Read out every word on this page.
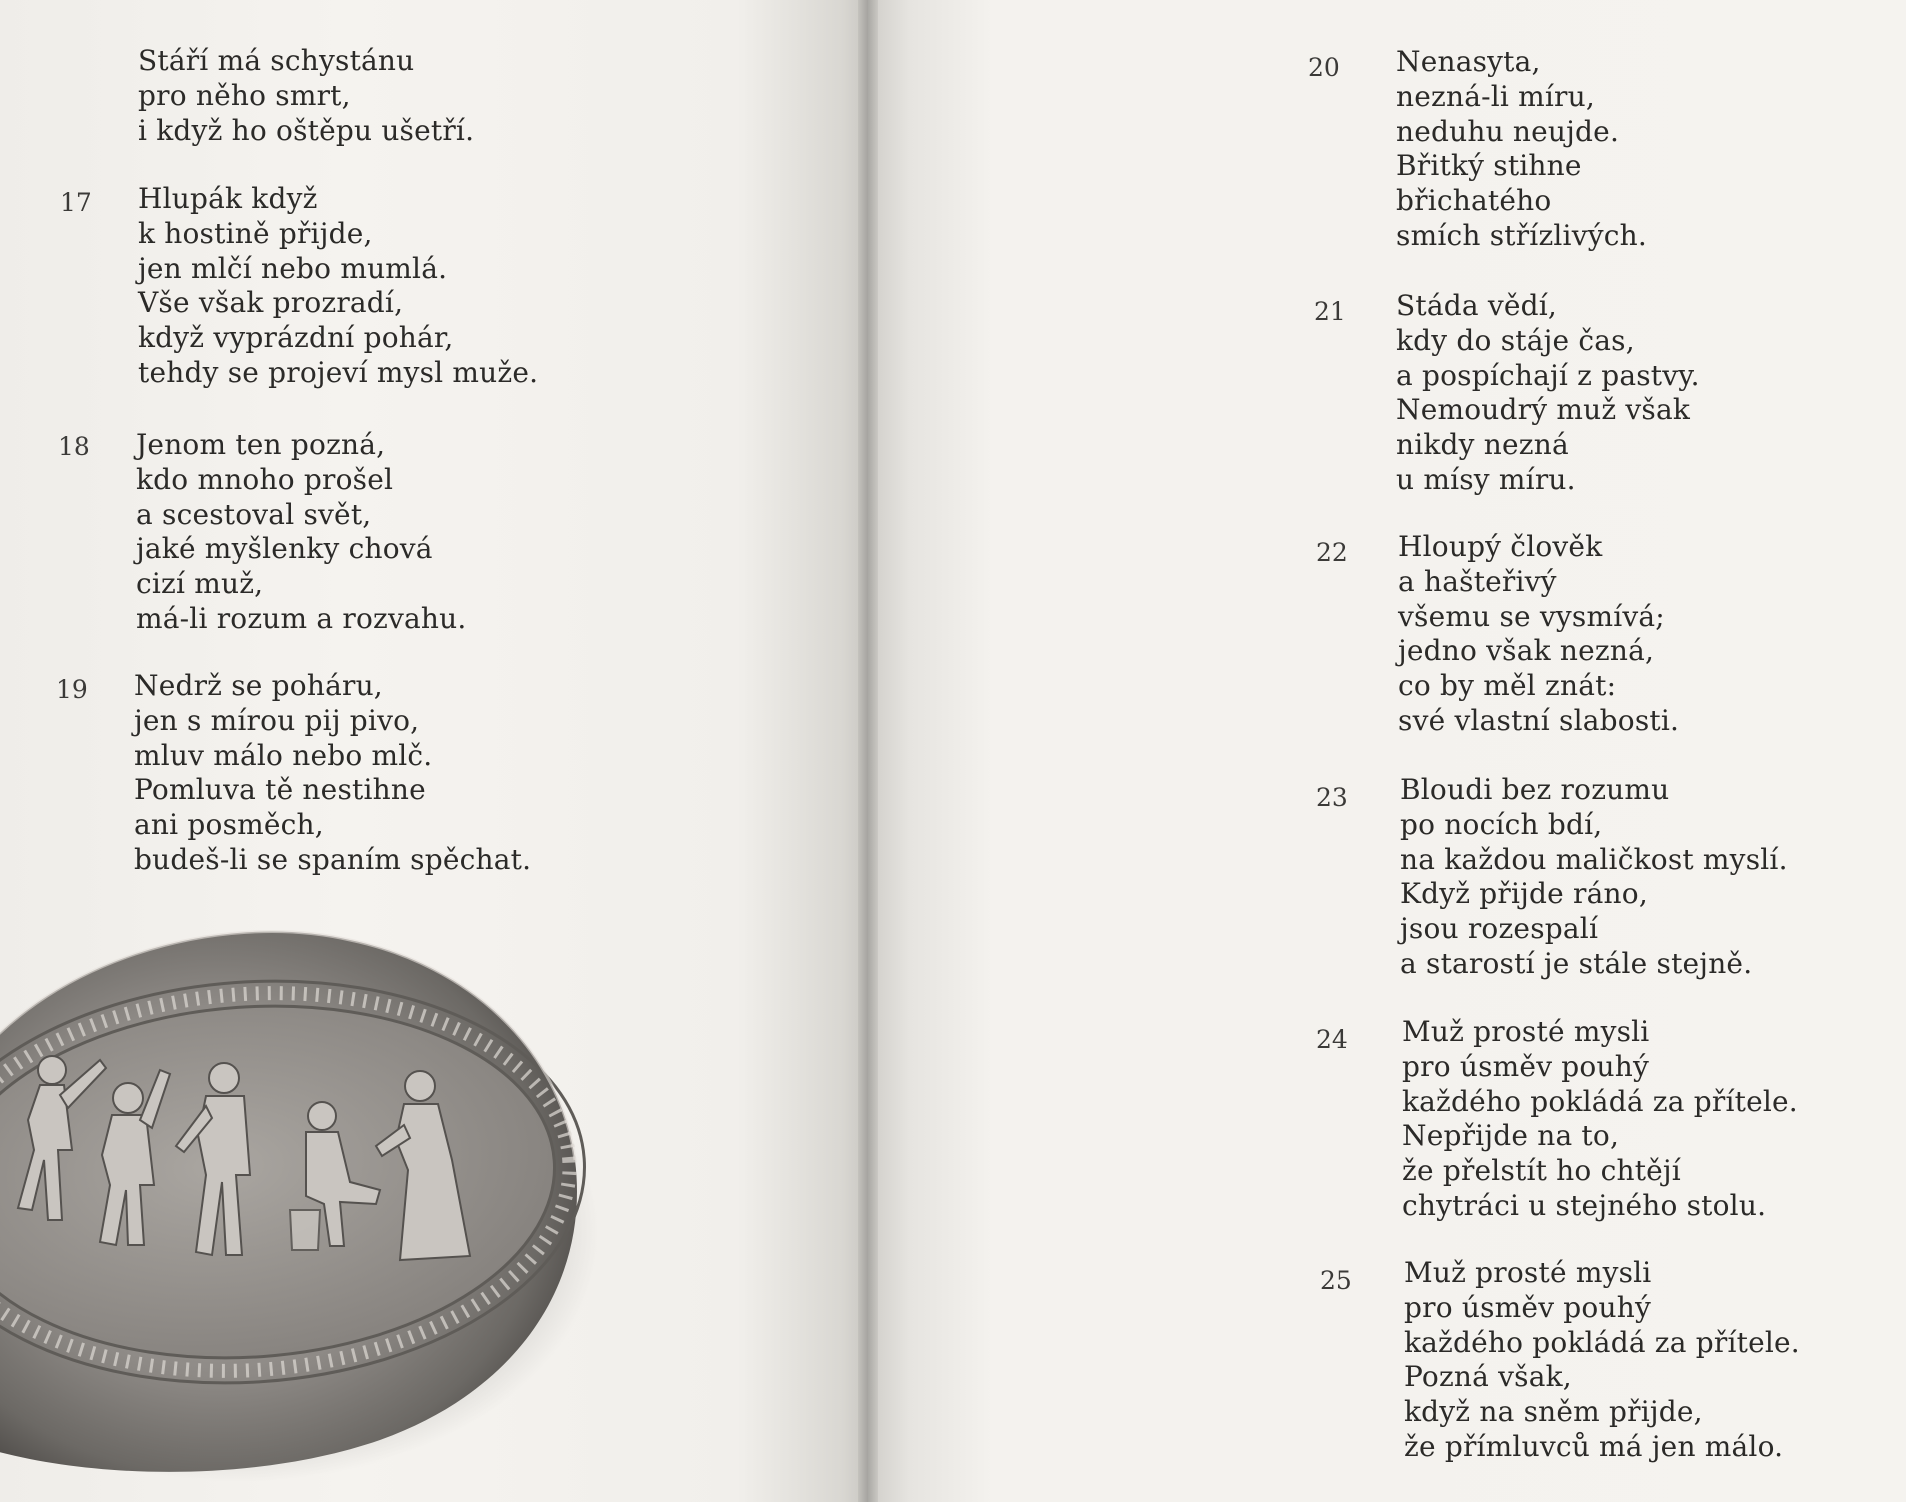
Stáří má schystánu
pro něho smrt,
i když ho oštěpu ušetří.
17 Hlupák když
k hostině přijde,
jen mlčí nebo mumlá.
Vše však prozradí,
když vyprázdní pohár,
tehdy se projeví mysl muže.
18 Jenom ten pozná,
kdo mnoho prošel
a scestoval svět,
jaké myšlenky chová
cizí muž,
má-li rozum a rozvahu.
19 Nedrž se poháru,
jen s mírou pij pivo,
mluv málo nebo mlč.
Pomluva tě nestihne
ani posměch,
budeš-li se spaním spěchat.
20 Nenasyta,
nezná-li míru,
neduhu neujde.
Břitký stihne
břichatého
smích střízlivých.
21 Stáda vědí,
kdy do stáje čas,
a pospíchají z pastvy.
Nemoudrý muž však
nikdy nezná
u mísy míru.
22 Hloupý člověk
a hašteřivý
všemu se vysmívá;
jedno však nezná,
co by měl znát:
své vlastní slabosti.
23 Bloudi bez rozumu
po nocích bdí,
na každou maličkost myslí.
Když přijde ráno,
jsou rozespalí
a starostí je stále stejně.
24 Muž prosté mysli
pro úsměv pouhý
každého pokládá za přítele.
Nepřijde na to,
že přelstít ho chtějí
chytráci u stejného stolu.
25 Muž prosté mysli
pro úsměv pouhý
každého pokládá za přítele.
Pozná však,
když na sněm přijde,
že přímluvců má jen málo.
